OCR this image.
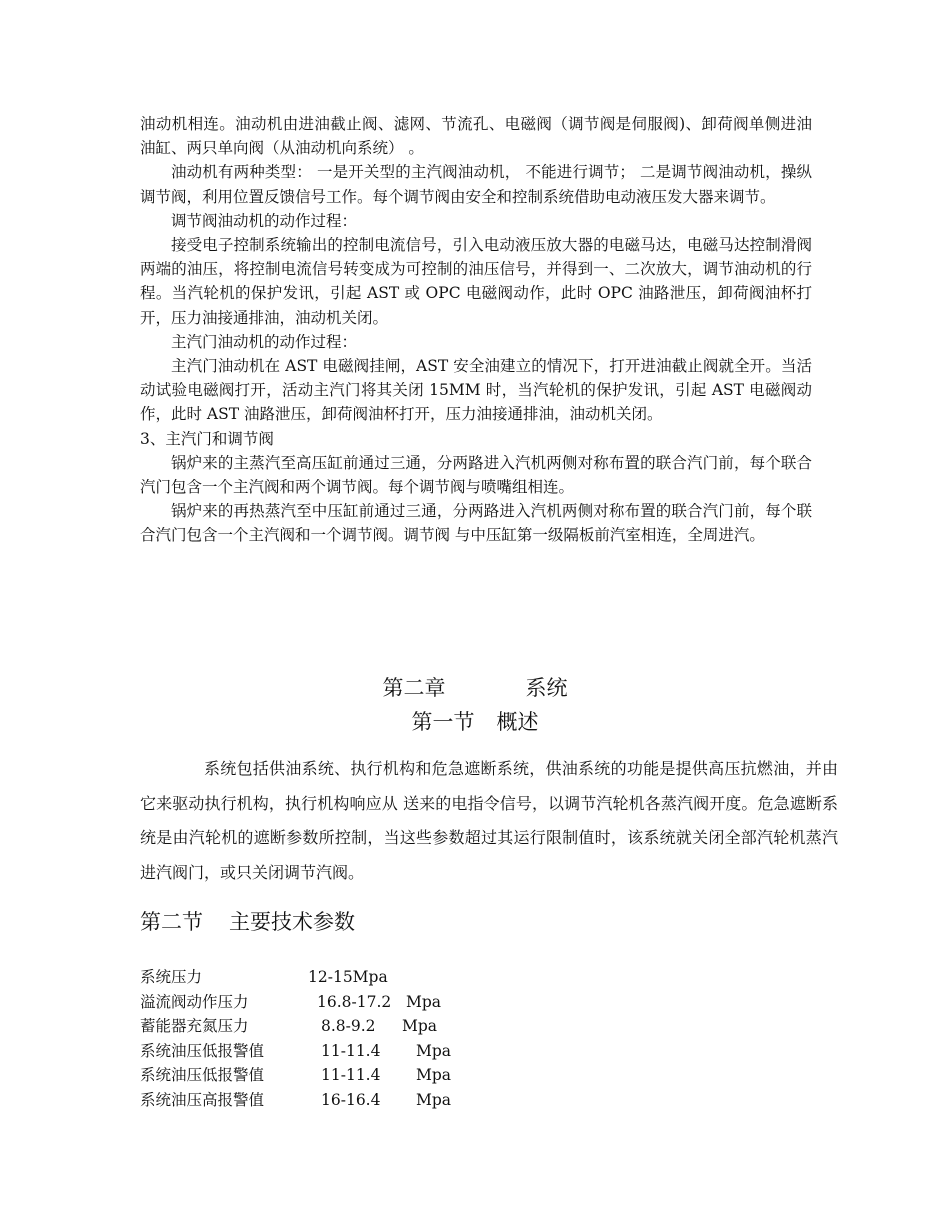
油动机相连。油动机由进油截止阀、滤网、节流孔、电磁阀（调节阀是伺服阀)、卸荷阀单侧进油油缸、两只单向阀（从油动机向系统） 。

油动机有两种类型： 一是开关型的主汽阀油动机， 不能进行调节； 二是调节阀油动机，操纵调节阀，利用位置反馈信号工作。每个调节阀由安全和控制系统借助电动液压发大器来调节。

调节阀油动机的动作过程：

接受电子控制系统输出的控制电流信号，引入电动液压放大器的电磁马达，电磁马达控制滑阀两端的油压，将控制电流信号转变成为可控制的油压信号，并得到一、二次放大，调节油动机的行程。当汽轮机的保护发讯，引起 AST 或 OPC 电磁阀动作，此时 OPC 油路泄压，卸荷阀油杯打开，压力油接通排油，油动机关闭。

主汽门油动机的动作过程：

主汽门油动机在 AST 电磁阀挂闸，AST 安全油建立的情况下，打开进油截止阀就全开。当活动试验电磁阀打开，活动主汽门将其关闭 15MM 时，当汽轮机的保护发讯，引起 AST 电磁阀动作，此时 AST 油路泄压，卸荷阀油杯打开，压力油接通排油，油动机关闭。

3、主汽门和调节阀

锅炉来的主蒸汽至高压缸前通过三通，分两路进入汽机两侧对称布置的联合汽门前，每个联合汽门包含一个主汽阀和两个调节阀。每个调节阀与喷嘴组相连。

锅炉来的再热蒸汽至中压缸前通过三通，分两路进入汽机两侧对称布置的联合汽门前，每个联合汽门包含一个主汽阀和一个调节阀。调节阀 与中压缸第一级隔板前汽室相连，全周进汽。

第二章	系统
第一节 概述

系统包括供油系统、执行机构和危急遮断系统，供油系统的功能是提供高压抗燃油，并由它来驱动执行机构，执行机构响应从 送来的电指令信号，以调节汽轮机各蒸汽阀开度。危急遮断系统是由汽轮机的遮断参数所控制，当这些参数超过其运行限制值时，该系统就关闭全部汽轮机蒸汽进汽阀门，或只关闭调节汽阀。

第二节 主要技术参数
系统压力	12-15Mpa
溢流阀动作压力	16.8-17.2 Mpa
蓄能器充氮压力	8.8-9.2 Mpa
系统油压低报警值	11-11.4 Mpa
系统油压低报警值	11-11.4 Mpa
系统油压高报警值	16-16.4 Mpa
